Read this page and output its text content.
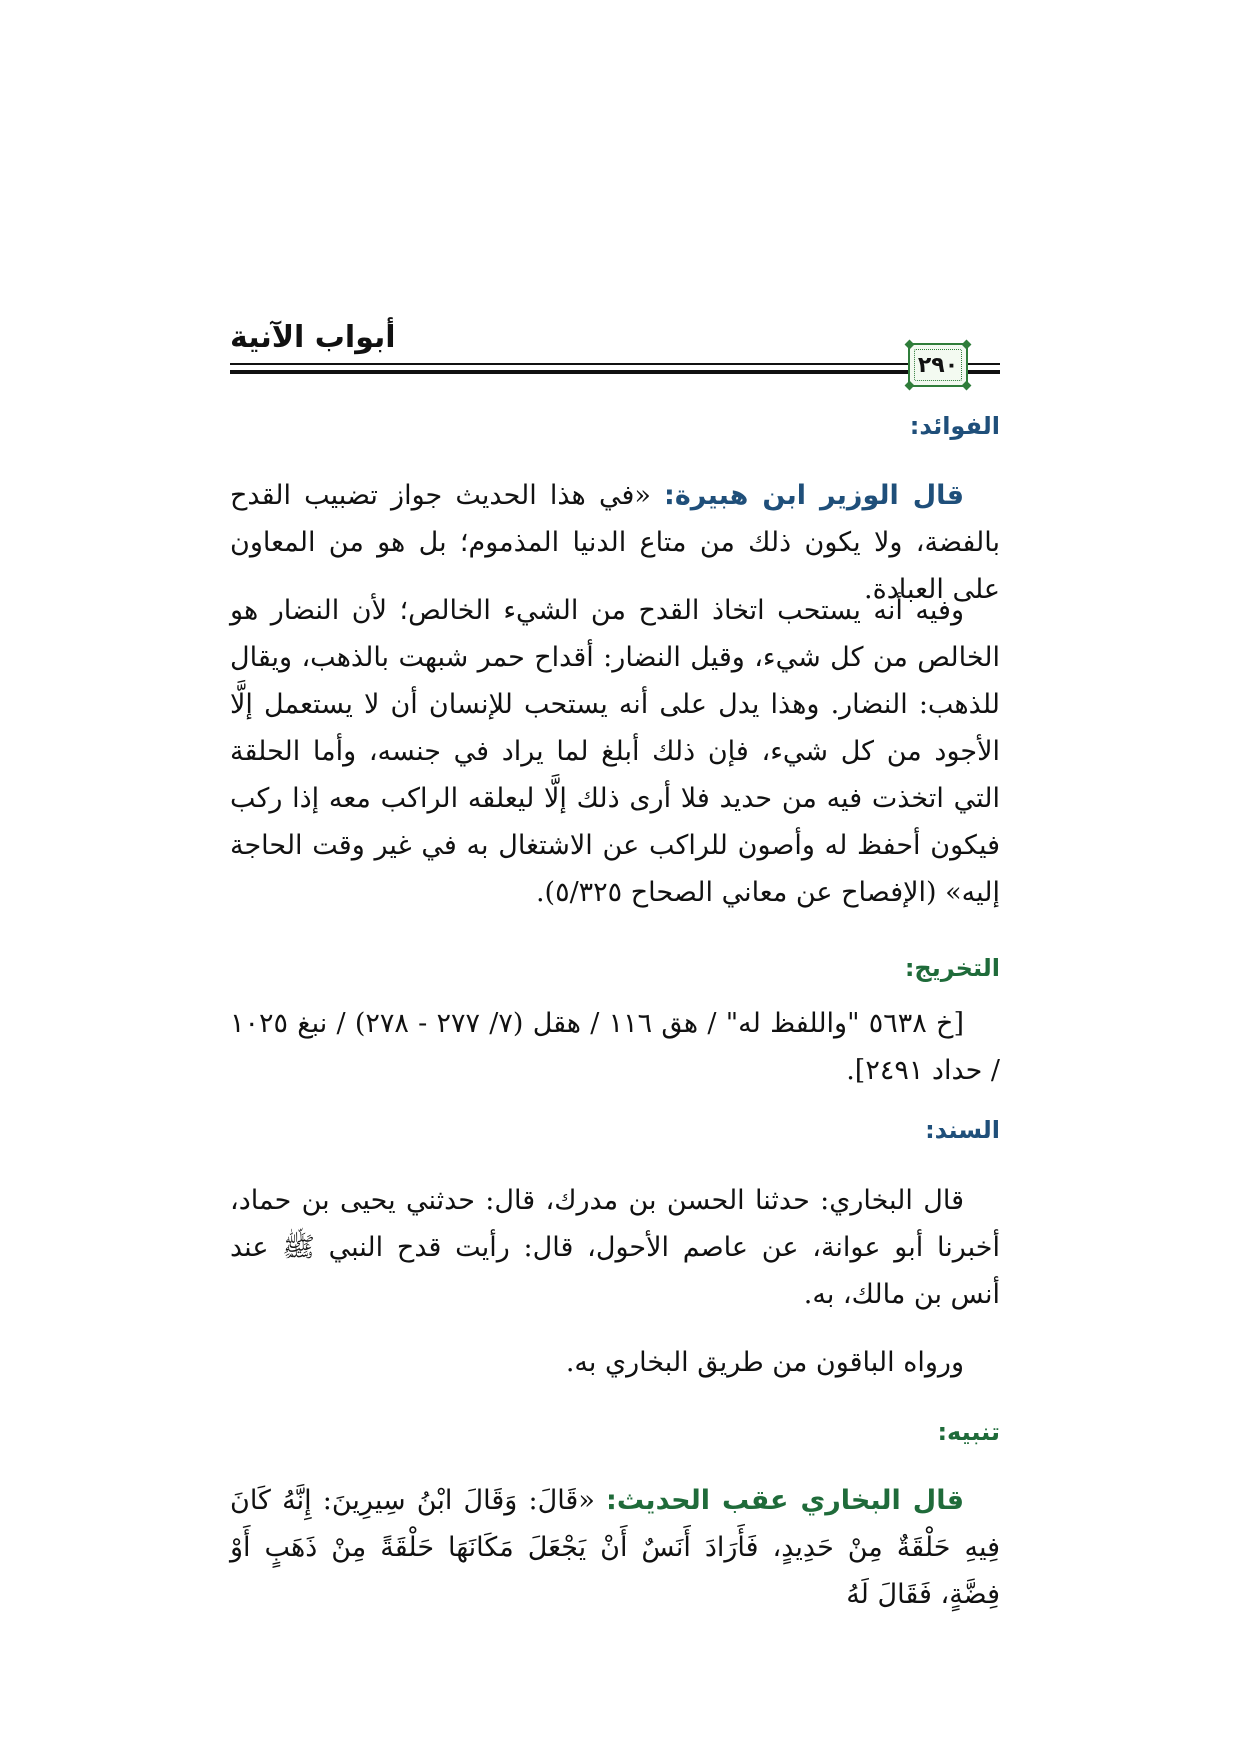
أبواب الآنية
٢٩٠
الفوائد:

قال الوزير ابن هبيرة: «في هذا الحديث جواز تضبيب القدح بالفضة، ولا يكون ذلك من متاع الدنيا المذموم؛ بل هو من المعاون على العبادة.

وفيه أنه يستحب اتخاذ القدح من الشيء الخالص؛ لأن النضار هو الخالص من كل شيء، وقيل النضار: أقداح حمر شبهت بالذهب، ويقال للذهب: النضار. وهذا يدل على أنه يستحب للإنسان أن لا يستعمل إلَّا الأجود من كل شيء، فإن ذلك أبلغ لما يراد في جنسه، وأما الحلقة التي اتخذت فيه من حديد فلا أرى ذلك إلَّا ليعلقه الراكب معه إذا ركب فيكون أحفظ له وأصون للراكب عن الاشتغال به في غير وقت الحاجة إليه» (الإفصاح عن معاني الصحاح ٥/٣٢٥).

التخريج:

[خ ٥٦٣٨ "واللفظ له" / هق ١١٦ / هقل (٧/ ٢٧٧ - ٢٧٨) / نبغ ١٠٢٥ / حداد ٢٤٩١].

السند:

قال البخاري: حدثنا الحسن بن مدرك، قال: حدثني يحيى بن حماد، أخبرنا أبو عوانة، عن عاصم الأحول، قال: رأيت قدح النبي ﷺ عند أنس بن مالك، به.

ورواه الباقون من طريق البخاري به.

تنبيه:

قال البخاري عقب الحديث: «قَالَ: وَقَالَ ابْنُ سِيرِينَ: إِنَّهُ كَانَ فِيهِ حَلْقَةٌ مِنْ حَدِيدٍ، فَأَرَادَ أَنَسٌ أَنْ يَجْعَلَ مَكَانَهَا حَلْقَةً مِنْ ذَهَبٍ أَوْ فِضَّةٍ، فَقَالَ لَهُ
